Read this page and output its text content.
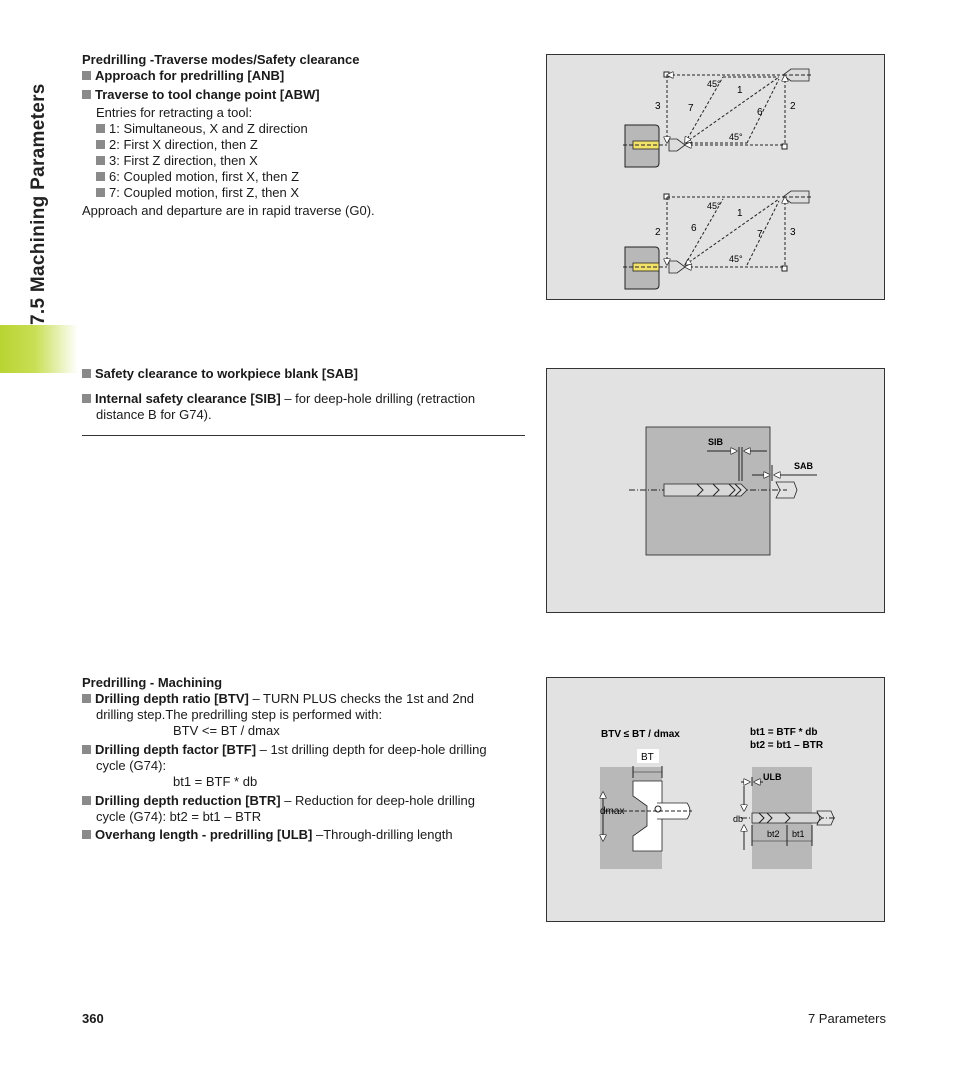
7.5 Machining Parameters

Predrilling -Traverse modes/Safety clearance

Approach for predrilling [ANB]

Traverse to tool change point [ABW]

Entries for retracting a tool:

1: Simultaneous, X and Z direction

2: First X direction, then Z

3: First Z direction, then X

6: Coupled motion, first X, then Z

7: Coupled motion, first Z, then X

Approach and departure are in rapid traverse (G0).

Safety clearance to workpiece blank [SAB]

Internal safety clearance [SIB] – for deep-hole drilling (retraction

distance B for G74).

Predrilling - Machining

Drilling depth ratio [BTV] – TURN PLUS checks the 1st and 2nd

drilling step.The predrilling step is performed with:

BTV <= BT / dmax

Drilling depth factor [BTF] – 1st drilling depth for deep-hole drilling

cycle (G74):

bt1 = BTF * db

Drilling depth reduction [BTR] – Reduction for deep-hole drilling

cycle (G74): bt2 = bt1 – BTR

Overhang length - predrilling [ULB] –Through-drilling length

3	7
1
6
2
45°
45°
2	6
1
7	3
45°
45°
SIB
SAB
BTV ≤ BT / dmax	bt1 = BTF * db
bt2 = bt1 – BTR
BT
dmax
ULB
db
bt2 bt1
360	7 Parameters
